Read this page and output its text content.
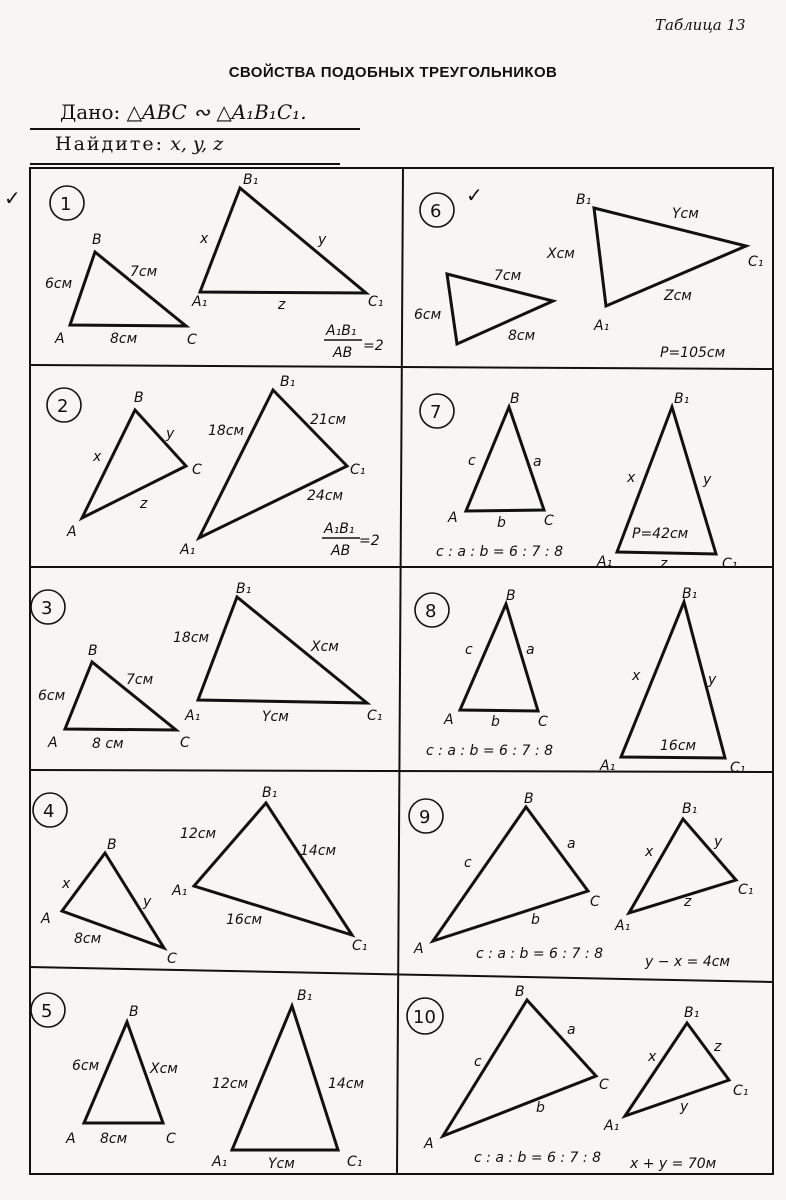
Таблица 13
СВОЙСТВА ПОДОБНЫХ ТРЕУГОЛЬНИКОВ
Дано: △ABC ∾ △A₁B₁C₁.
Найдите: x, y, z
✓ 1
B
A	C
6см
7см
8см
B₁
A₁	C₁
x	y
z
A₁B₁
AB =2
6
✓
7см
6см
8см
B₁
C₁
A₁
Xсм
Yсм
Zсм
P=105см
2	B
C
A
x
y
z
B₁
C₁
A₁
18см
21см
24см
A₁B₁
AB
=2
7
B
A	C
c	a
b
c : a : b = 6 : 7 : 8
B₁
A₁	C₁
x	y
z
P=42см
3
B
A	C
6см
7см
8 см
B₁
A₁	C₁
18см
Xсм
Yсм
8
B
A	C
c	a
b
c : a : b = 6 : 7 : 8
B₁
A₁	C₁
x	y
16см
4
B
A
C
x
y
8см
B₁
A₁
C₁
12см
14см
16см
9
B
A
C
c
a
b
c : a : b = 6 : 7 : 8
B₁
A₁
C₁
x
y
z
y − x = 4см
5	B
A	C
6см	Xсм
8см
B₁
A₁	C₁
12см	14см
Yсм
10
B
A
C
c
a
b
c : a : b = 6 : 7 : 8
B₁
A₁
C₁
x
z
y
x + y = 70м
